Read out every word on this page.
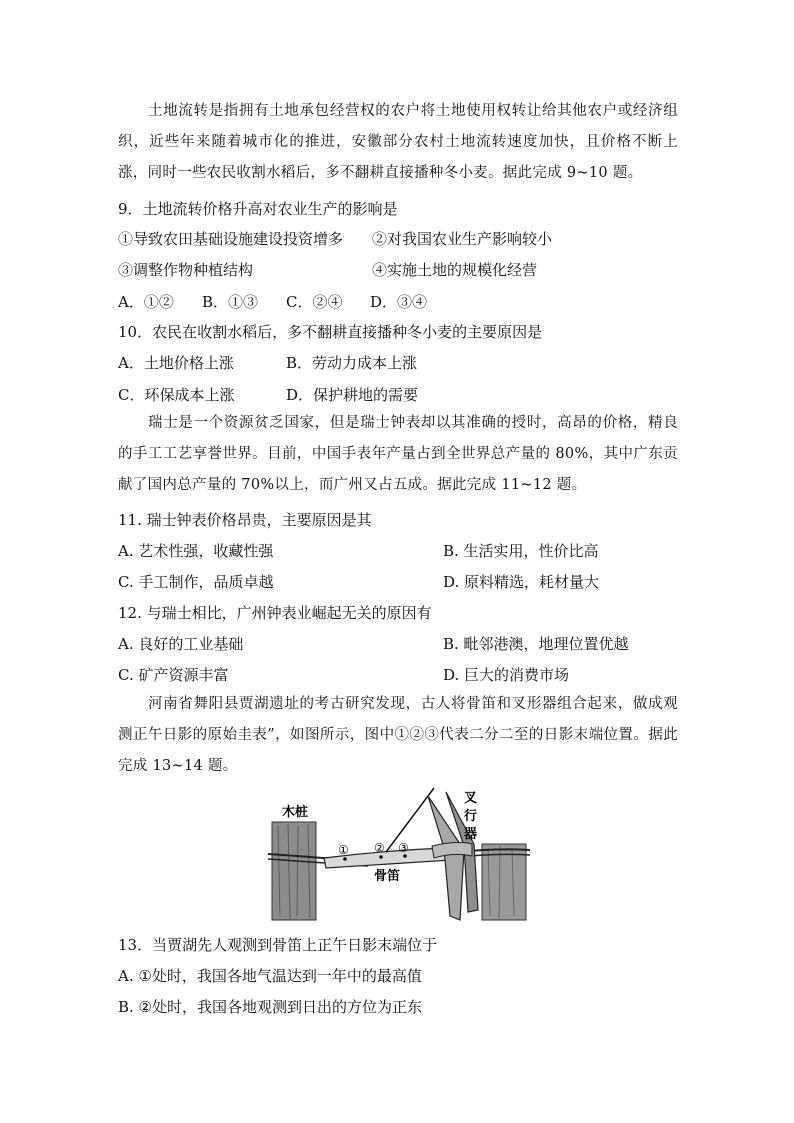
土地流转是指拥有土地承包经营权的农户将土地使用权转让给其他农户或经济组织，近些年来随着城市化的推进，安徽部分农村土地流转速度加快，且价格不断上涨，同时一些农民收割水稻后，多不翻耕直接播种冬小麦。据此完成 9~10 题。
9．土地流转价格升高对农业生产的影响是
①导致农田基础设施建设投资增多 ②对我国农业生产影响较小
③调整作物种植结构	④实施土地的规模化经营
A．①② B．①③ C．②④ D．③④
10．农民在收割水稻后，多不翻耕直接播种冬小麦的主要原因是
A．土地价格上涨	B．劳动力成本上涨
C．环保成本上涨	D．保护耕地的需要
瑞士是一个资源贫乏国家，但是瑞士钟表却以其准确的授时，高昂的价格，精良的手工工艺享誉世界。目前，中国手表年产量占到全世界总产量的 80%，其中广东贡献了国内总产量的 70%以上，而广州又占五成。据此完成 11~12 题。
11. 瑞士钟表价格昂贵，主要原因是其
A. 艺术性强，收藏性强	B. 生活实用，性价比高
C. 手工制作，品质卓越	D. 原料精选，耗材量大
12. 与瑞士相比，广州钟表业崛起无关的原因有
A. 良好的工业基础	B. 毗邻港澳，地理位置优越
C. 矿产资源丰富	D. 巨大的消费市场
河南省舞阳县贾湖遗址的考古研究发现，古人将骨笛和叉形器组合起来，做成观测正午日影的原始圭表”，如图所示，图中①②③代表二分二至的日影末端位置。据此完成 13~14 题。
木桩
① ② ③
骨笛
叉 行 器
13．当贾湖先人观测到骨笛上正午日影末端位于
A. ①处时，我国各地气温达到一年中的最高值
B. ②处时，我国各地观测到日出的方位为正东
